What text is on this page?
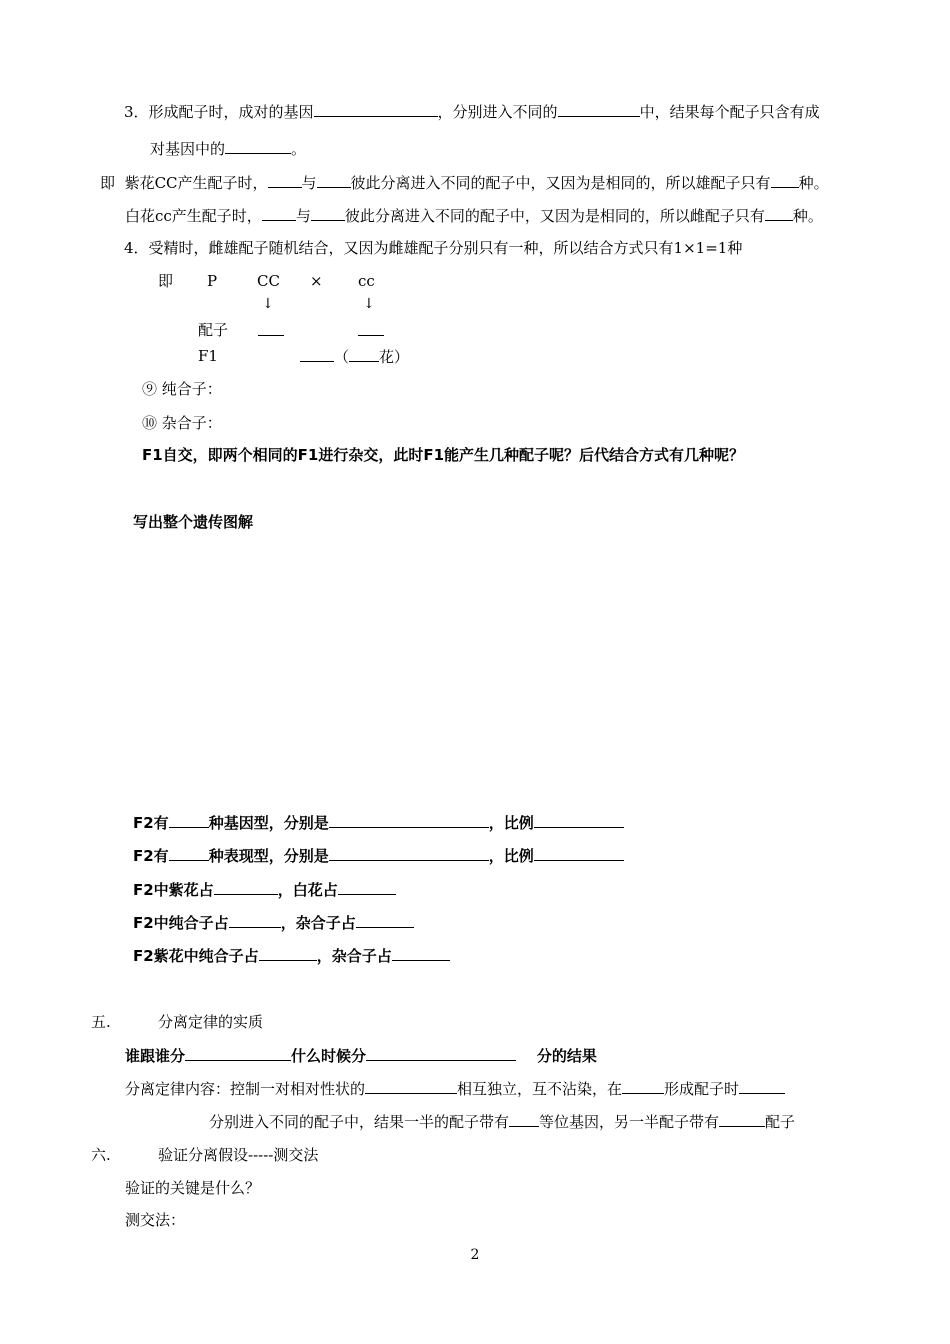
3．形成配子时，成对的基因	，分别进入不同的	中，结果每个配子只含有成
对基因中的	。
即 紫花CC产生配子时， 与 彼此分离进入不同的配子中，又因为是相同的，所以雄配子只有 种。
白花cc产生配子时， 与 彼此分离进入不同的配子中，又因为是相同的，所以雌配子只有 种。
4．受精时，雌雄配子随机结合，又因为雌雄配子分别只有一种，所以结合方式只有1×1=1种
即 P	CC × cc
↓	↓
配子
F1	（ 花）
⑨ 纯合子：
⑩ 杂合子：
F1自交，即两个相同的F1进行杂交，此时F1能产生几种配子呢？后代结合方式有几种呢？
写出整个遗传图解
F2有	种基因型，分别是	，比例
F2有	种表现型，分别是	，比例
F2中紫花占	，白花占
F2中纯合子占	，杂合子占
F2紫花中纯合子占	，杂合子占
五.	分离定律的实质
谁跟谁分	什么时候分	分的结果
分离定律内容：控制一对相对性状的	相互独立，互不沾染，在	形成配子时
分别进入不同的配子中，结果一半的配子带有 等位基因，另一半配子带有	配子
六.	验证分离假设-----测交法
验证的关键是什么？
测交法：
2
